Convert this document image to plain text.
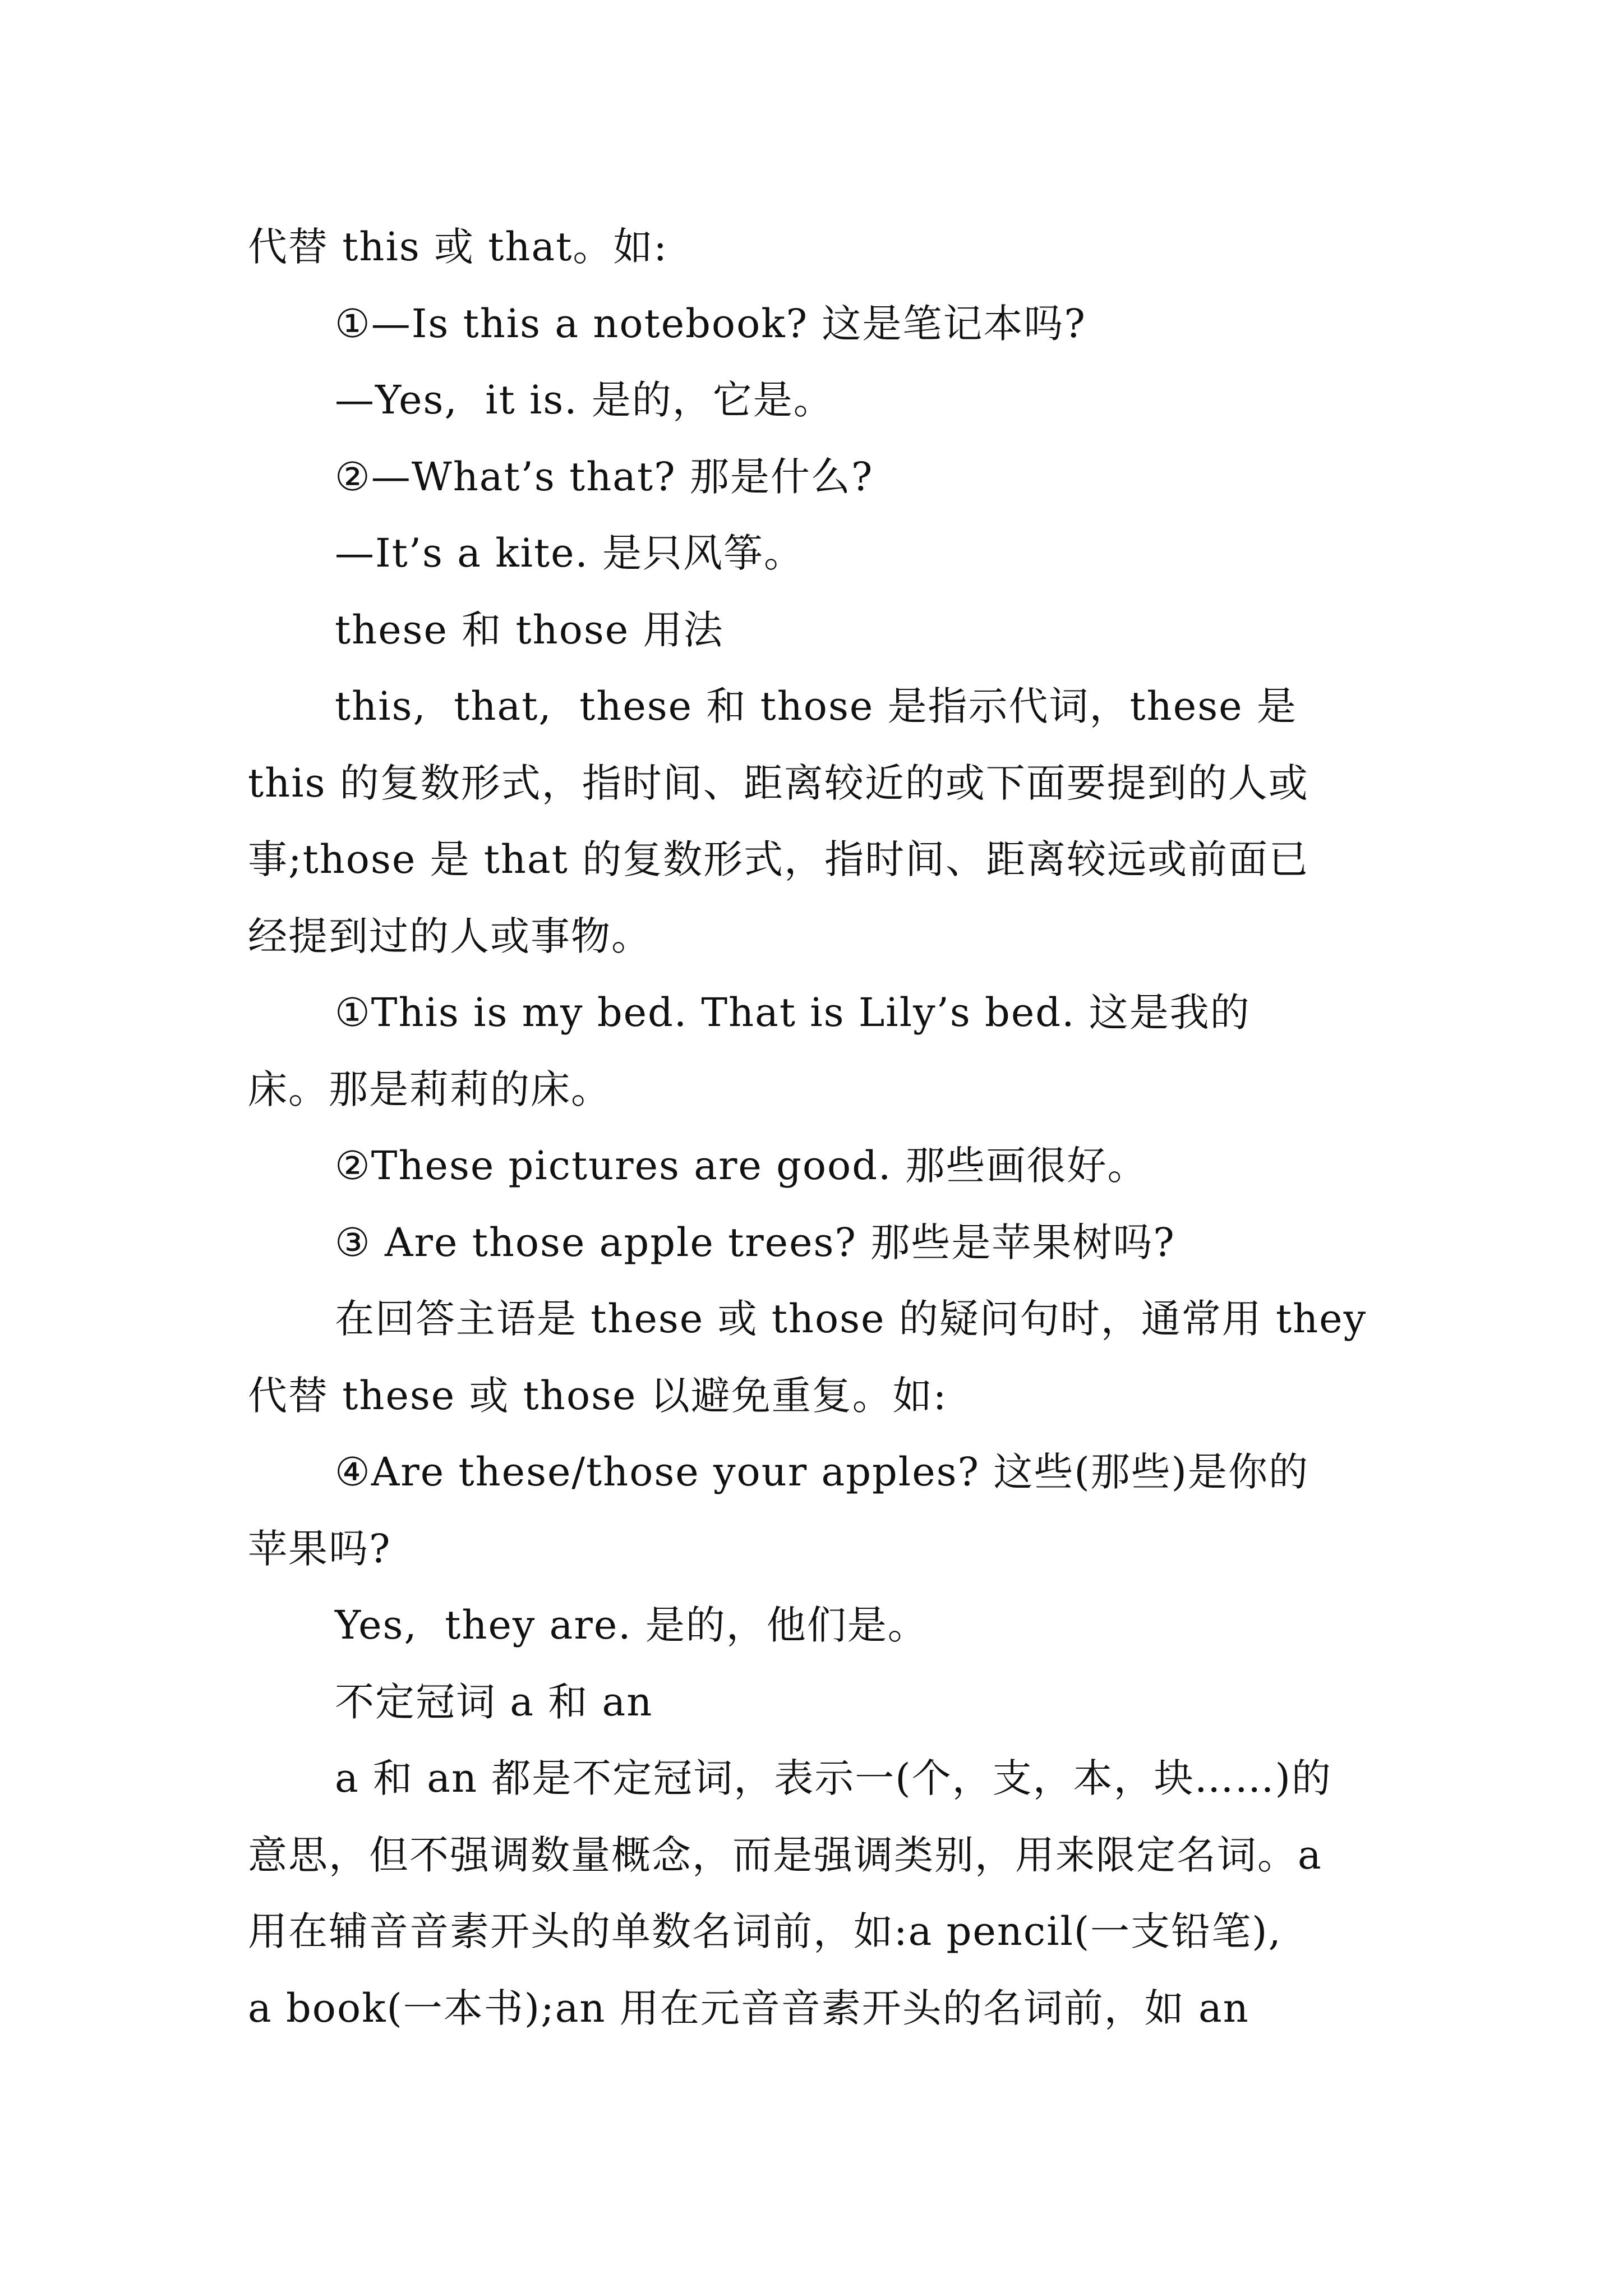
代替 this 或 that。如:

①—Is this a notebook? 这是笔记本吗?

—Yes,  it is. 是的，它是。

②—What’s that? 那是什么?

—It’s a kite. 是只风筝。

these 和 those 用法

this,  that,  these 和 those 是指示代词，these 是

this 的复数形式，指时间、距离较近的或下面要提到的人或

事;those 是 that 的复数形式，指时间、距离较远或前面已

经提到过的人或事物。

①This is my bed. That is Lily’s bed. 这是我的

床。那是莉莉的床。

②These pictures are good. 那些画很好。

③ Are those apple trees? 那些是苹果树吗?

在回答主语是 these 或 those 的疑问句时，通常用 they

代替 these 或 those 以避免重复。如:

④Are these/those your apples? 这些(那些)是你的

苹果吗?

Yes,  they are. 是的，他们是。

不定冠词 a 和 an

a 和 an 都是不定冠词，表示一(个，支，本，块……)的

意思，但不强调数量概念，而是强调类别，用来限定名词。a

用在辅音音素开头的单数名词前，如:a pencil(一支铅笔),

a book(一本书);an 用在元音音素开头的名词前，如 an
